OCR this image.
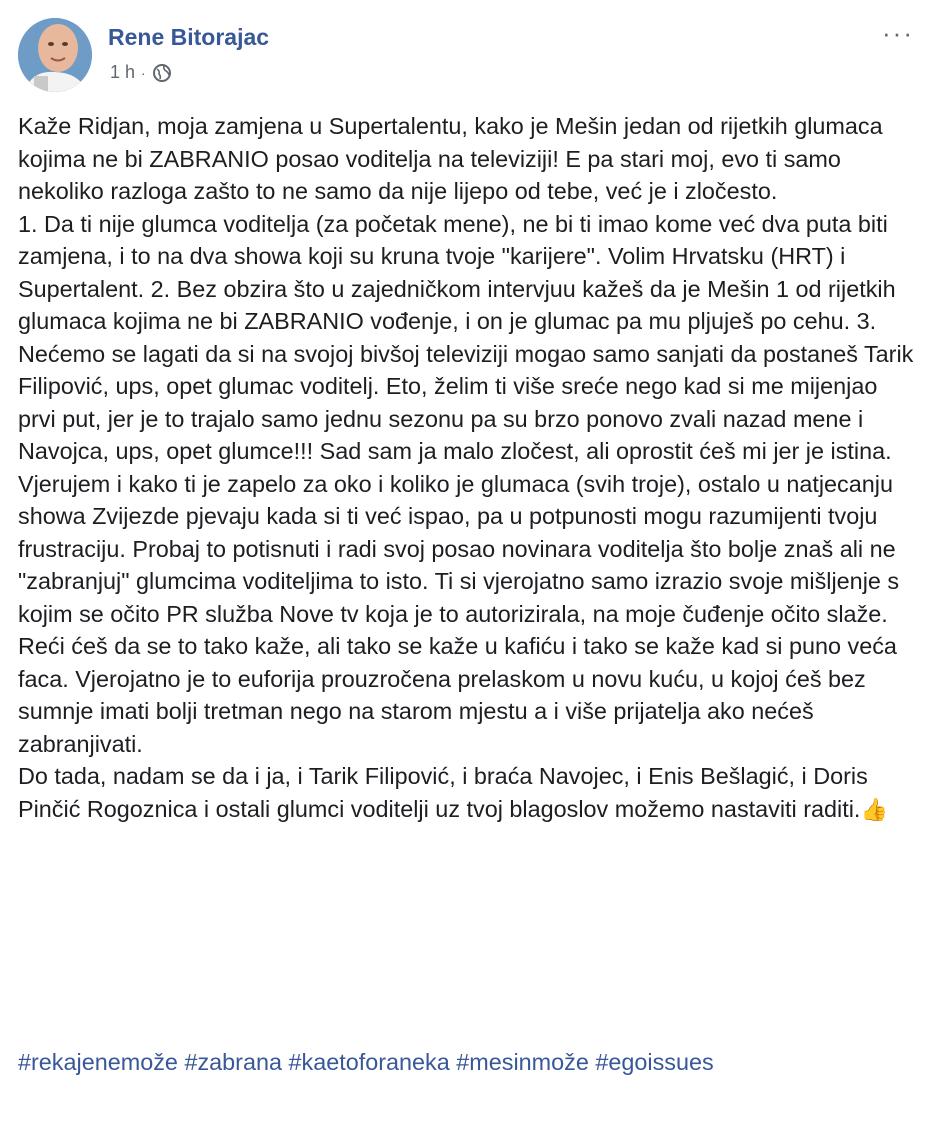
Rene Bitorajac
1 h ·
···
Kaže Ridjan, moja zamjena u Supertalentu, kako je Mešin jedan od rijetkih glumaca kojima ne bi ZABRANIO posao voditelja na televiziji! E pa stari moj, evo ti samo nekoliko razloga zašto to ne samo da nije lijepo od tebe, već je i zločesto.
1. Da ti nije glumca voditelja (za početak mene), ne bi ti imao kome već dva puta biti zamjena, i to na dva showa koji su kruna tvoje "karijere". Volim Hrvatsku (HRT) i Supertalent. 2. Bez obzira što u zajedničkom intervjuu kažeš da je Mešin 1 od rijetkih glumaca kojima ne bi ZABRANIO vođenje, i on je glumac pa mu pljuješ po cehu. 3. Nećemo se lagati da si na svojoj bivšoj televiziji mogao samo sanjati da postaneš Tarik Filipović, ups, opet glumac voditelj. Eto, želim ti više sreće nego kad si me mijenjao prvi put, jer je to trajalo samo jednu sezonu pa su brzo ponovo zvali nazad mene i Navojca, ups, opet glumce!!! Sad sam ja malo zločest, ali oprostit ćeš mi jer je istina. Vjerujem i kako ti je zapelo za oko i koliko je glumaca (svih troje), ostalo u natjecanju showa Zvijezde pjevaju kada si ti već ispao, pa u potpunosti mogu razumijenti tvoju frustraciju. Probaj to potisnuti i radi svoj posao novinara voditelja što bolje znaš ali ne "zabranjuj" glumcima voditeljima to isto. Ti si vjerojatno samo izrazio svoje mišljenje s kojim se očito PR služba Nove tv koja je to autorizirala, na moje čuđenje očito slaže. Reći ćeš da se to tako kaže, ali tako se kaže u kafiću i tako se kaže kad si puno veća faca. Vjerojatno je to euforija prouzročena prelaskom u novu kuću, u kojoj ćeš bez sumnje imati bolji tretman nego na starom mjestu a i više prijatelja ako nećeš zabranjivati.
Do tada, nadam se da i ja, i Tarik Filipović, i braća Navojec, i Enis Bešlagić, i Doris Pinčić Rogoznica i ostali glumci voditelji uz tvoj blagoslov možemo nastaviti raditi.👍
#rekajenemože #zabrana #kaetoforaneka #mesinmože #egoissues
